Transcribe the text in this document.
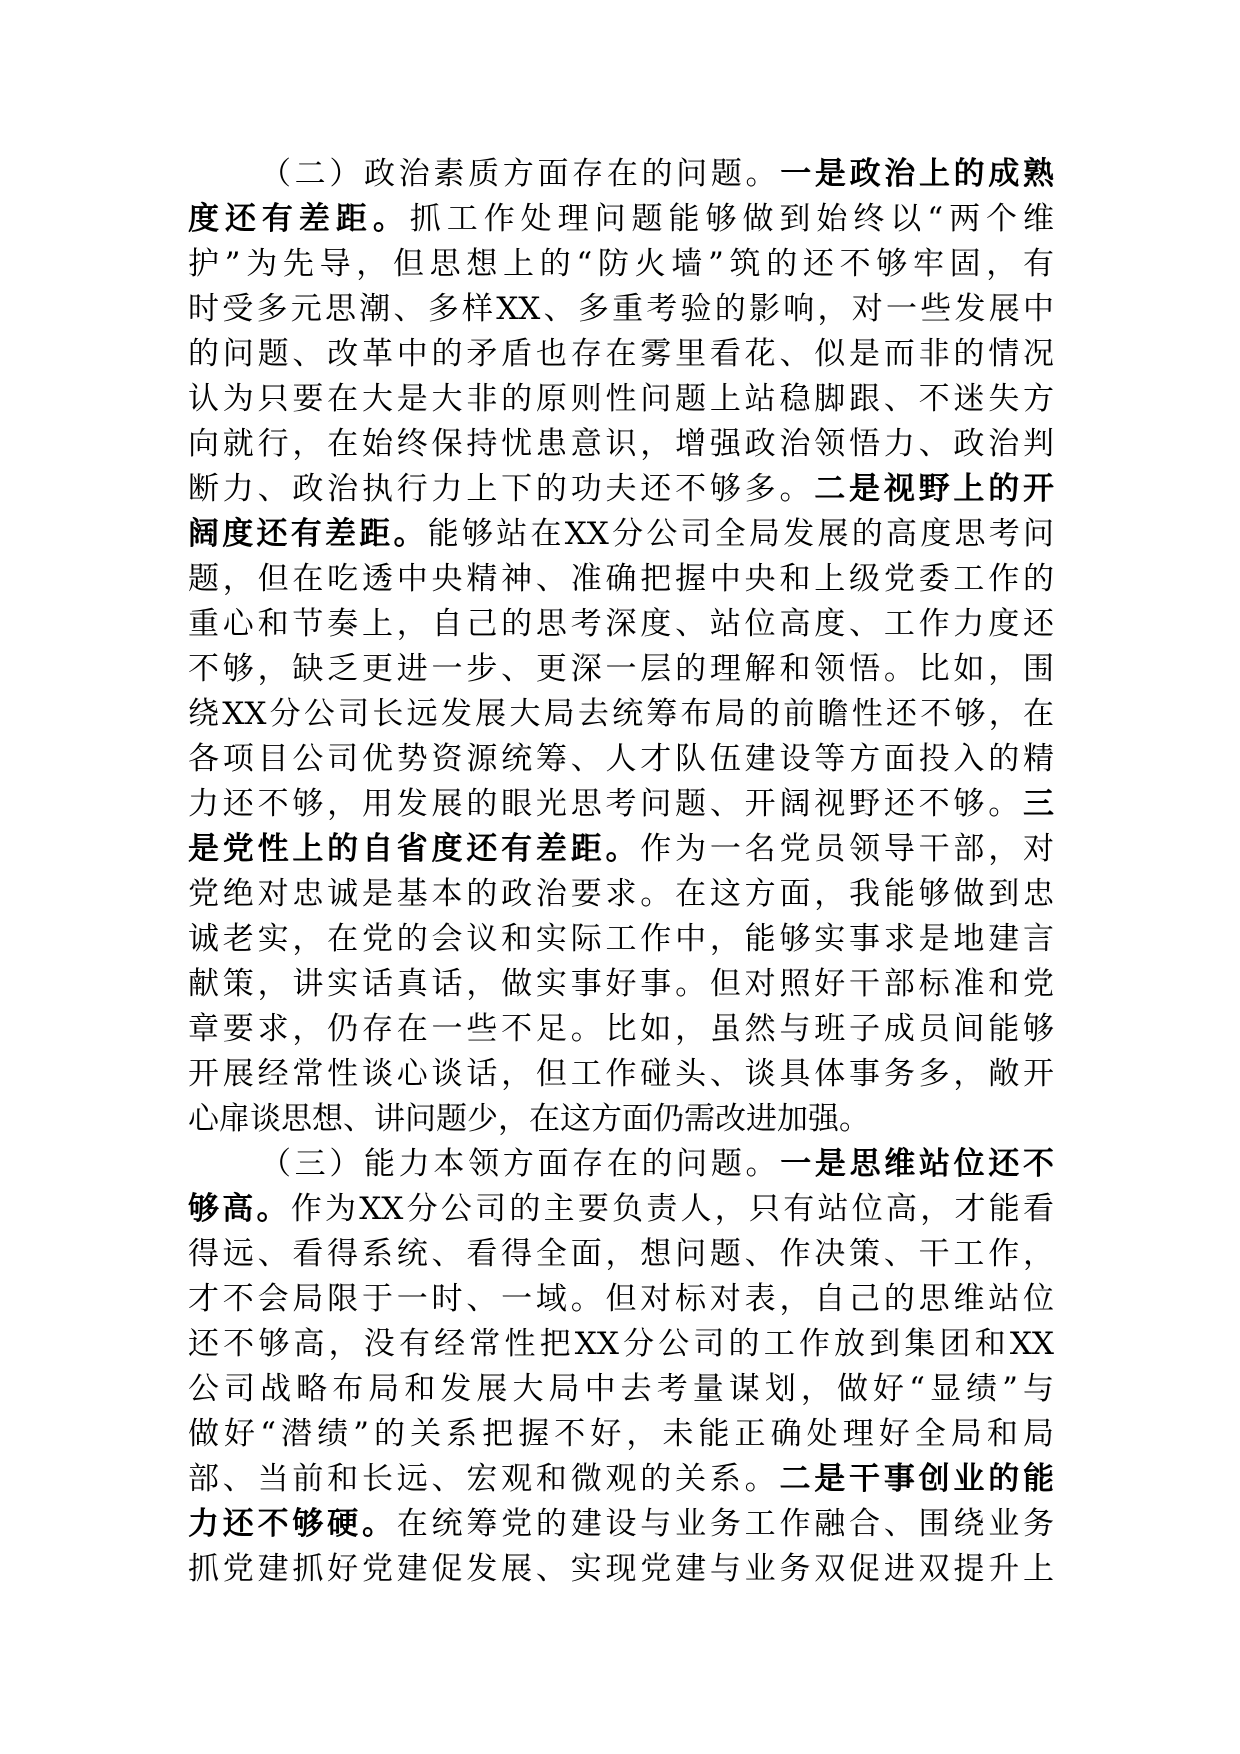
（二）政治素质方面存在的问题。一是政治上的成熟
度还有差距。抓工作处理问题能够做到始终以“两个维
护”为先导，但思想上的“防火墙”筑的还不够牢固，有
时受多元思潮、多样XX、多重考验的影响，对一些发展中
的问题、改革中的矛盾也存在雾里看花、似是而非的情况
认为只要在大是大非的原则性问题上站稳脚跟、不迷失方
向就行，在始终保持忧患意识，增强政治领悟力、政治判
断力、政治执行力上下的功夫还不够多。二是视野上的开
阔度还有差距。能够站在XX分公司全局发展的高度思考问
题，但在吃透中央精神、准确把握中央和上级党委工作的
重心和节奏上，自己的思考深度、站位高度、工作力度还
不够，缺乏更进一步、更深一层的理解和领悟。比如，围
绕XX分公司长远发展大局去统筹布局的前瞻性还不够，在
各项目公司优势资源统筹、人才队伍建设等方面投入的精
力还不够，用发展的眼光思考问题、开阔视野还不够。三
是党性上的自省度还有差距。作为一名党员领导干部，对
党绝对忠诚是基本的政治要求。在这方面，我能够做到忠
诚老实，在党的会议和实际工作中，能够实事求是地建言
献策，讲实话真话，做实事好事。但对照好干部标准和党
章要求，仍存在一些不足。比如，虽然与班子成员间能够
开展经常性谈心谈话，但工作碰头、谈具体事务多，敞开
心扉谈思想、讲问题少，在这方面仍需改进加强。
（三）能力本领方面存在的问题。一是思维站位还不
够高。作为XX分公司的主要负责人，只有站位高，才能看
得远、看得系统、看得全面，想问题、作决策、干工作，
才不会局限于一时、一域。但对标对表，自己的思维站位
还不够高，没有经常性把XX分公司的工作放到集团和XX
公司战略布局和发展大局中去考量谋划，做好“显绩”与
做好“潜绩”的关系把握不好，未能正确处理好全局和局
部、当前和长远、宏观和微观的关系。二是干事创业的能
力还不够硬。在统筹党的建设与业务工作融合、围绕业务
抓党建抓好党建促发展、实现党建与业务双促进双提升上
